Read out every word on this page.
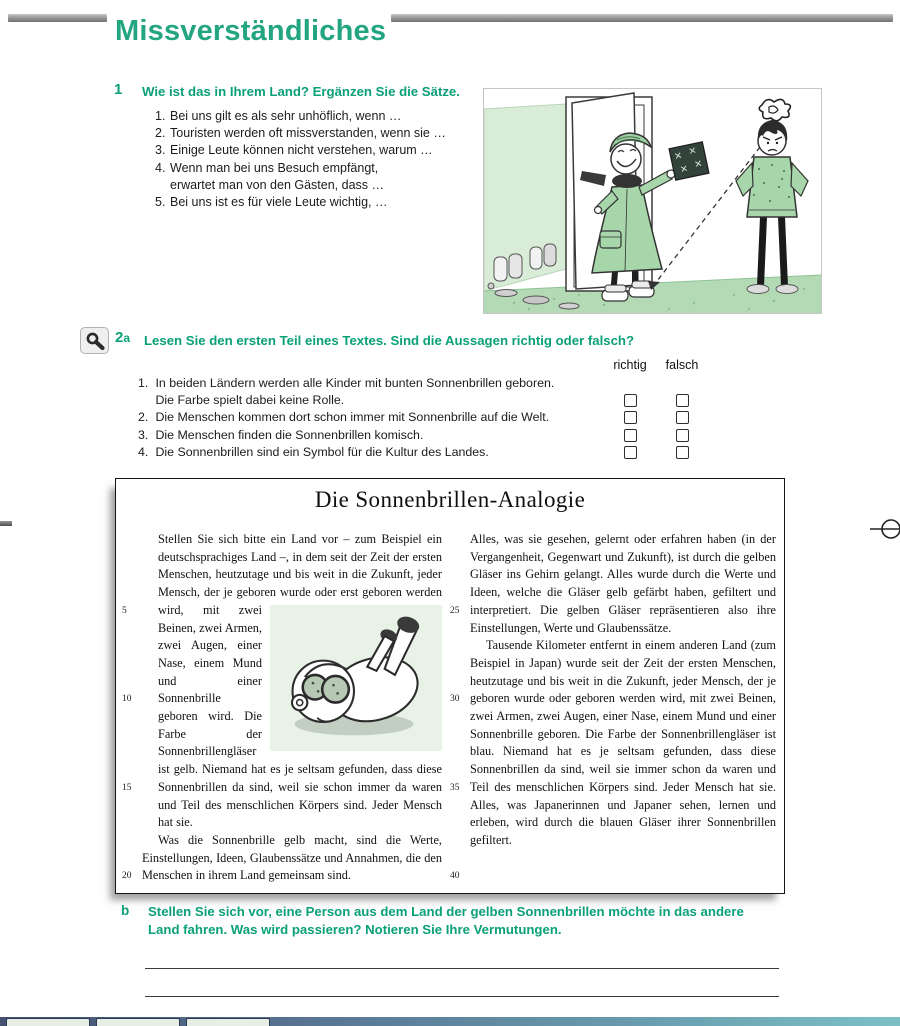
Missverständliches
1 Wie ist das in Ihrem Land? Ergänzen Sie die Sätze.
1. Bei uns gilt es als sehr unhöflich, wenn …
2. Touristen werden oft missverstanden, wenn sie …
3. Einige Leute können nicht verstehen, warum …
4. Wenn man bei uns Besuch empfängt,
erwartet man von den Gästen, dass …
5. Bei uns ist es für viele Leute wichtig, …
2a Lesen Sie den ersten Teil eines Textes. Sind die Aussagen richtig oder falsch?
richtig falsch
1. In beiden Ländern werden alle Kinder mit bunten Sonnenbrillen geboren.
Die Farbe spielt dabei keine Rolle.
2. Die Menschen kommen dort schon immer mit Sonnenbrille auf die Welt.
3. Die Menschen finden die Sonnenbrillen komisch.
4. Die Sonnenbrillen sind ein Symbol für die Kultur des Landes.
Die Sonnenbrillen-Analogie
5
10
15
20

Stellen Sie sich bitte ein Land vor – zum Beispiel ein deutschsprachiges Land –, in dem seit der Zeit der ersten Menschen, heutzutage und bis weit in die Zukunft, jeder Mensch, der je geboren wurde oder erst geboren werden wird, mit zwei Beinen, zwei Armen, zwei Augen, einer Nase, einem Mund und einer Sonnenbrille geboren wird. Die Farbe der Sonnenbrillengläser ist gelb. Niemand hat es je seltsam gefunden, dass diese Sonnenbrillen da sind, weil sie schon immer da waren und Teil des menschlichen Körpers sind. Jeder Mensch hat sie.

Was die Sonnenbrille gelb macht, sind die Werte, Einstellungen, Ideen, Glaubenssätze und Annahmen, die den Menschen in ihrem Land gemeinsam sind.

25
30
35
40

Alles, was sie gesehen, gelernt oder erfahren haben (in der Vergangenheit, Gegenwart und Zukunft), ist durch die gelben Gläser ins Gehirn gelangt. Alles wurde durch die Werte und Ideen, welche die Gläser gelb gefärbt haben, gefiltert und interpretiert. Die gelben Gläser repräsentieren also ihre Einstellungen, Werte und Glaubenssätze.

Tausende Kilometer entfernt in einem anderen Land (zum Beispiel in Japan) wurde seit der Zeit der ersten Menschen, heutzutage und bis weit in die Zukunft, jeder Mensch, der je geboren wurde oder geboren werden wird, mit zwei Beinen, zwei Armen, zwei Augen, einer Nase, einem Mund und einer Sonnenbrille geboren. Die Farbe der Sonnenbrillengläser ist blau. Niemand hat es je seltsam gefunden, dass diese Sonnenbrillen da sind, weil sie immer schon da waren und Teil des menschlichen Körpers sind. Jeder Mensch hat sie. Alles, was Japanerinnen und Japaner sehen, lernen und erleben, wird durch die blauen Gläser ihrer Sonnenbrillen gefiltert.

b Stellen Sie sich vor, eine Person aus dem Land der gelben Sonnenbrillen möchte in das andere
Land fahren. Was wird passieren? Notieren Sie Ihre Vermutungen.
